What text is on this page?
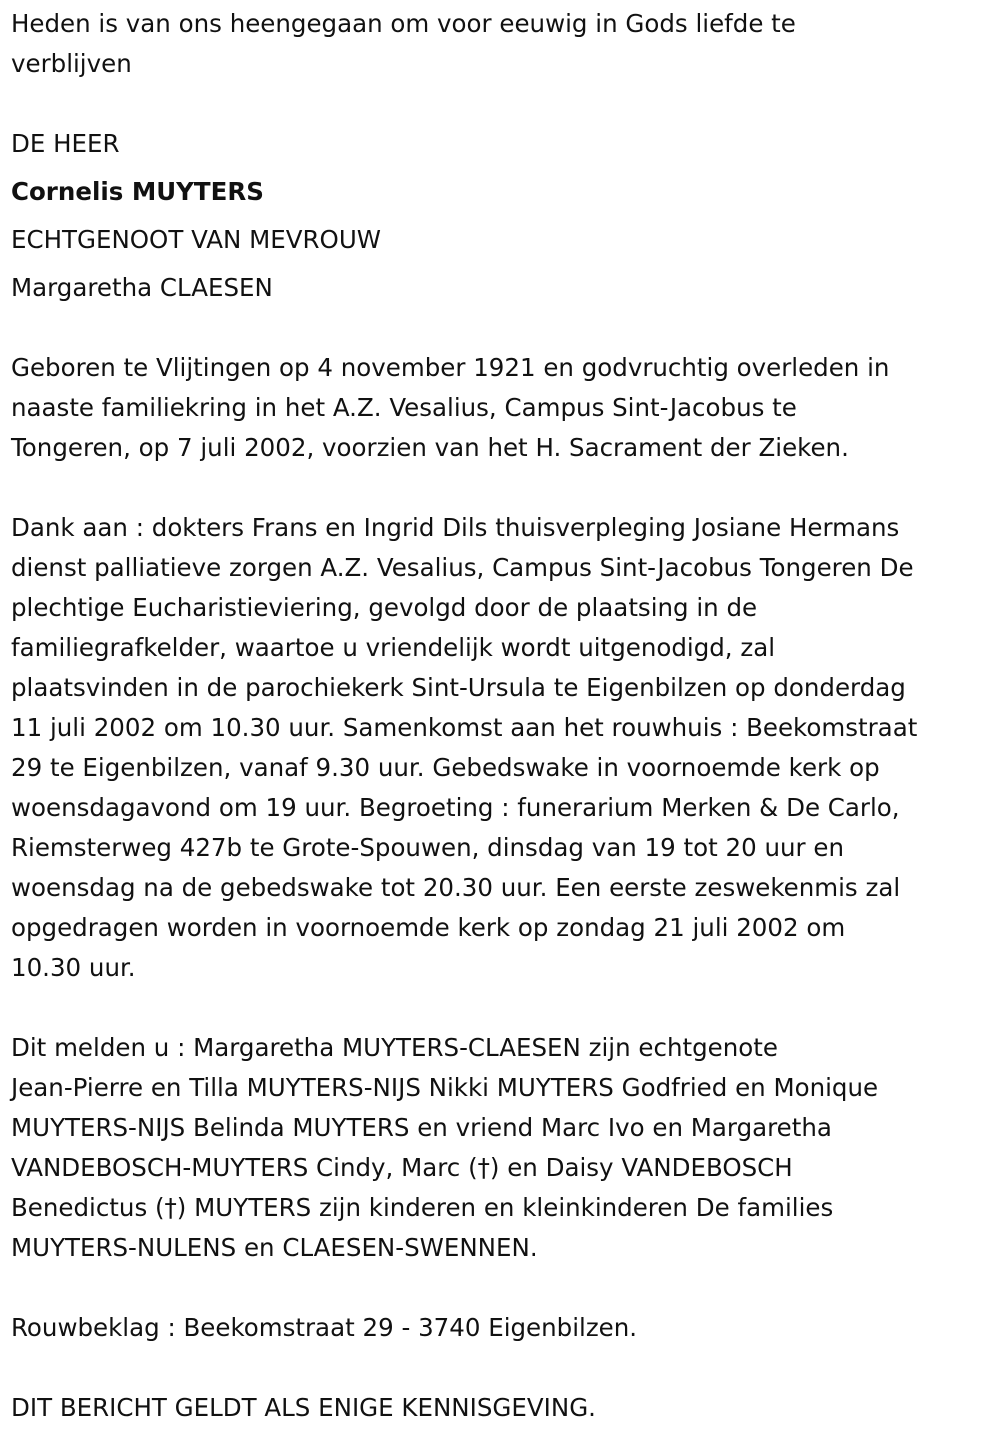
Heden is van ons heengegaan om voor eeuwig in Gods liefde te

verblijven

DE HEER

Cornelis MUYTERS

ECHTGENOOT VAN MEVROUW

Margaretha CLAESEN

Geboren te Vlijtingen op 4 november 1921 en godvruchtig overleden in

naaste familiekring in het A.Z. Vesalius, Campus Sint-Jacobus te

Tongeren, op 7 juli 2002, voorzien van het H. Sacrament der Zieken.

Dank aan : dokters Frans en Ingrid Dils thuisverpleging Josiane Hermans

dienst palliatieve zorgen A.Z. Vesalius, Campus Sint-Jacobus Tongeren De

plechtige Eucharistieviering, gevolgd door de plaatsing in de

familiegrafkelder, waartoe u vriendelijk wordt uitgenodigd, zal

plaatsvinden in de parochiekerk Sint-Ursula te Eigenbilzen op donderdag

11 juli 2002 om 10.30 uur. Samenkomst aan het rouwhuis : Beekomstraat

29 te Eigenbilzen, vanaf 9.30 uur. Gebedswake in voornoemde kerk op

woensdagavond om 19 uur. Begroeting : funerarium Merken & De Carlo,

Riemsterweg 427b te Grote-Spouwen, dinsdag van 19 tot 20 uur en

woensdag na de gebedswake tot 20.30 uur. Een eerste zeswekenmis zal

opgedragen worden in voornoemde kerk op zondag 21 juli 2002 om

10.30 uur.

Dit melden u : Margaretha MUYTERS-CLAESEN zijn echtgenote

Jean-Pierre en Tilla MUYTERS-NIJS Nikki MUYTERS Godfried en Monique

MUYTERS-NIJS Belinda MUYTERS en vriend Marc Ivo en Margaretha

VANDEBOSCH-MUYTERS Cindy, Marc (†) en Daisy VANDEBOSCH

Benedictus (†) MUYTERS zijn kinderen en kleinkinderen De families

MUYTERS-NULENS en CLAESEN-SWENNEN.

Rouwbeklag : Beekomstraat 29 - 3740 Eigenbilzen.

DIT BERICHT GELDT ALS ENIGE KENNISGEVING.
